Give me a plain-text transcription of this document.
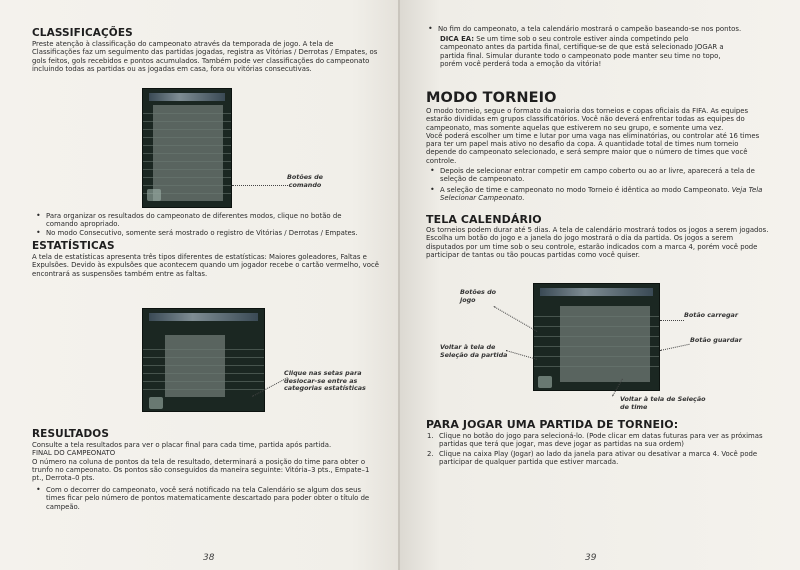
CLASSIFICAÇÕES
Preste atenção à classificação do campeonato através da temporada de jogo. A tela de
Classificações faz um seguimento das partidas jogadas, registra as Vitórias / Derrotas / Empates, os
gols feitos, gols recebidos e pontos acumulados. Também pode ver classificações do campeonato
incluindo todas as partidas ou as jogadas em casa, fora ou vitórias consecutivas.
Botões de
comando
• Para organizar os resultados do campeonato de diferentes modos, clique no botão de
comando apropriado.
• No modo Consecutivo, somente será mostrado o registro de Vitórias / Derrotas / Empates.
ESTATÍSTICAS
A tela de estatísticas apresenta três tipos diferentes de estatísticas: Maiores goleadores, Faltas e
Expulsões. Devido às expulsões que acontecem quando um jogador recebe o cartão vermelho, você
encontrará as suspensões também entre as faltas.
Clique nas setas para
deslocar-se entre as
categorias estatísticas
RESULTADOS
Consulte a tela resultados para ver o placar final para cada time, partida após partida.
FINAL DO CAMPEONATO
O número na coluna de pontos da tela de resultado, determinará a posição do time para obter o
trunfo no campeonato. Os pontos são conseguidos da maneira seguinte: Vitória–3 pts., Empate–1
pt., Derrota–0 pts.
• Com o decorrer do campeonato, você será notificado na tela Calendário se algum dos seus
times ficar pelo número de pontos matematicamente descartado para poder obter o título de
campeão.
38
• No fim do campeonato, a tela calendário mostrará o campeão baseando-se nos pontos.
DICA EA: Se um time sob o seu controle estiver ainda competindo pelo
campeonato antes da partida final, certifique-se de que está selecionado JOGAR a
partida final. Simular durante todo o campeonato pode manter seu time no topo,
porém você perderá toda a emoção da vitória!
MODO TORNEIO
O modo torneio, segue o formato da maioria dos torneios e copas oficiais da FIFA. As equipes
estarão divididas em grupos classificatórios. Você não deverá enfrentar todas as equipes do
campeonato, mas somente aquelas que estiverem no seu grupo, e somente uma vez.
Você poderá escolher um time e lutar por uma vaga nas eliminatórias, ou controlar até 16 times
para ter um papel mais ativo no desafio da copa. A quantidade total de times num torneio
depende do campeonato selecionado, e será sempre maior que o número de times que você
controle.
• Depois de selecionar entrar competir em campo coberto ou ao ar livre, aparecerá a tela de
seleção de campeonato.
• A seleção de time e campeonato no modo Torneio é idêntica ao modo Campeonato. Veja Tela
Selecionar Campeonato.
TELA CALENDÁRIO
Os torneios podem durar até 5 dias. A tela de calendário mostrará todos os jogos a serem jogados.
Escolha um botão do jogo e a janela do jogo mostrará o dia da partida. Os jogos a serem
disputados por um time sob o seu controle, estarão indicados com a marca 4, porém você pode
participar de tantas ou tão poucas partidas como você quiser.
Botões do
jogo
Botão carregar
Botão guardar
Voltar à tela de
Seleção da partida
Voltar à tela de Seleção
de time
PARA JOGAR UMA PARTIDA DE TORNEIO:
1. Clique no botão do jogo para selecioná-lo. (Pode clicar em datas futuras para ver as próximas
partidas que terá que jogar, mas deve jogar as partidas na sua ordem)
2. Clique na caixa Play (Jogar) ao lado da janela para ativar ou desativar a marca 4. Você pode
participar de qualquer partida que estiver marcada.
39
